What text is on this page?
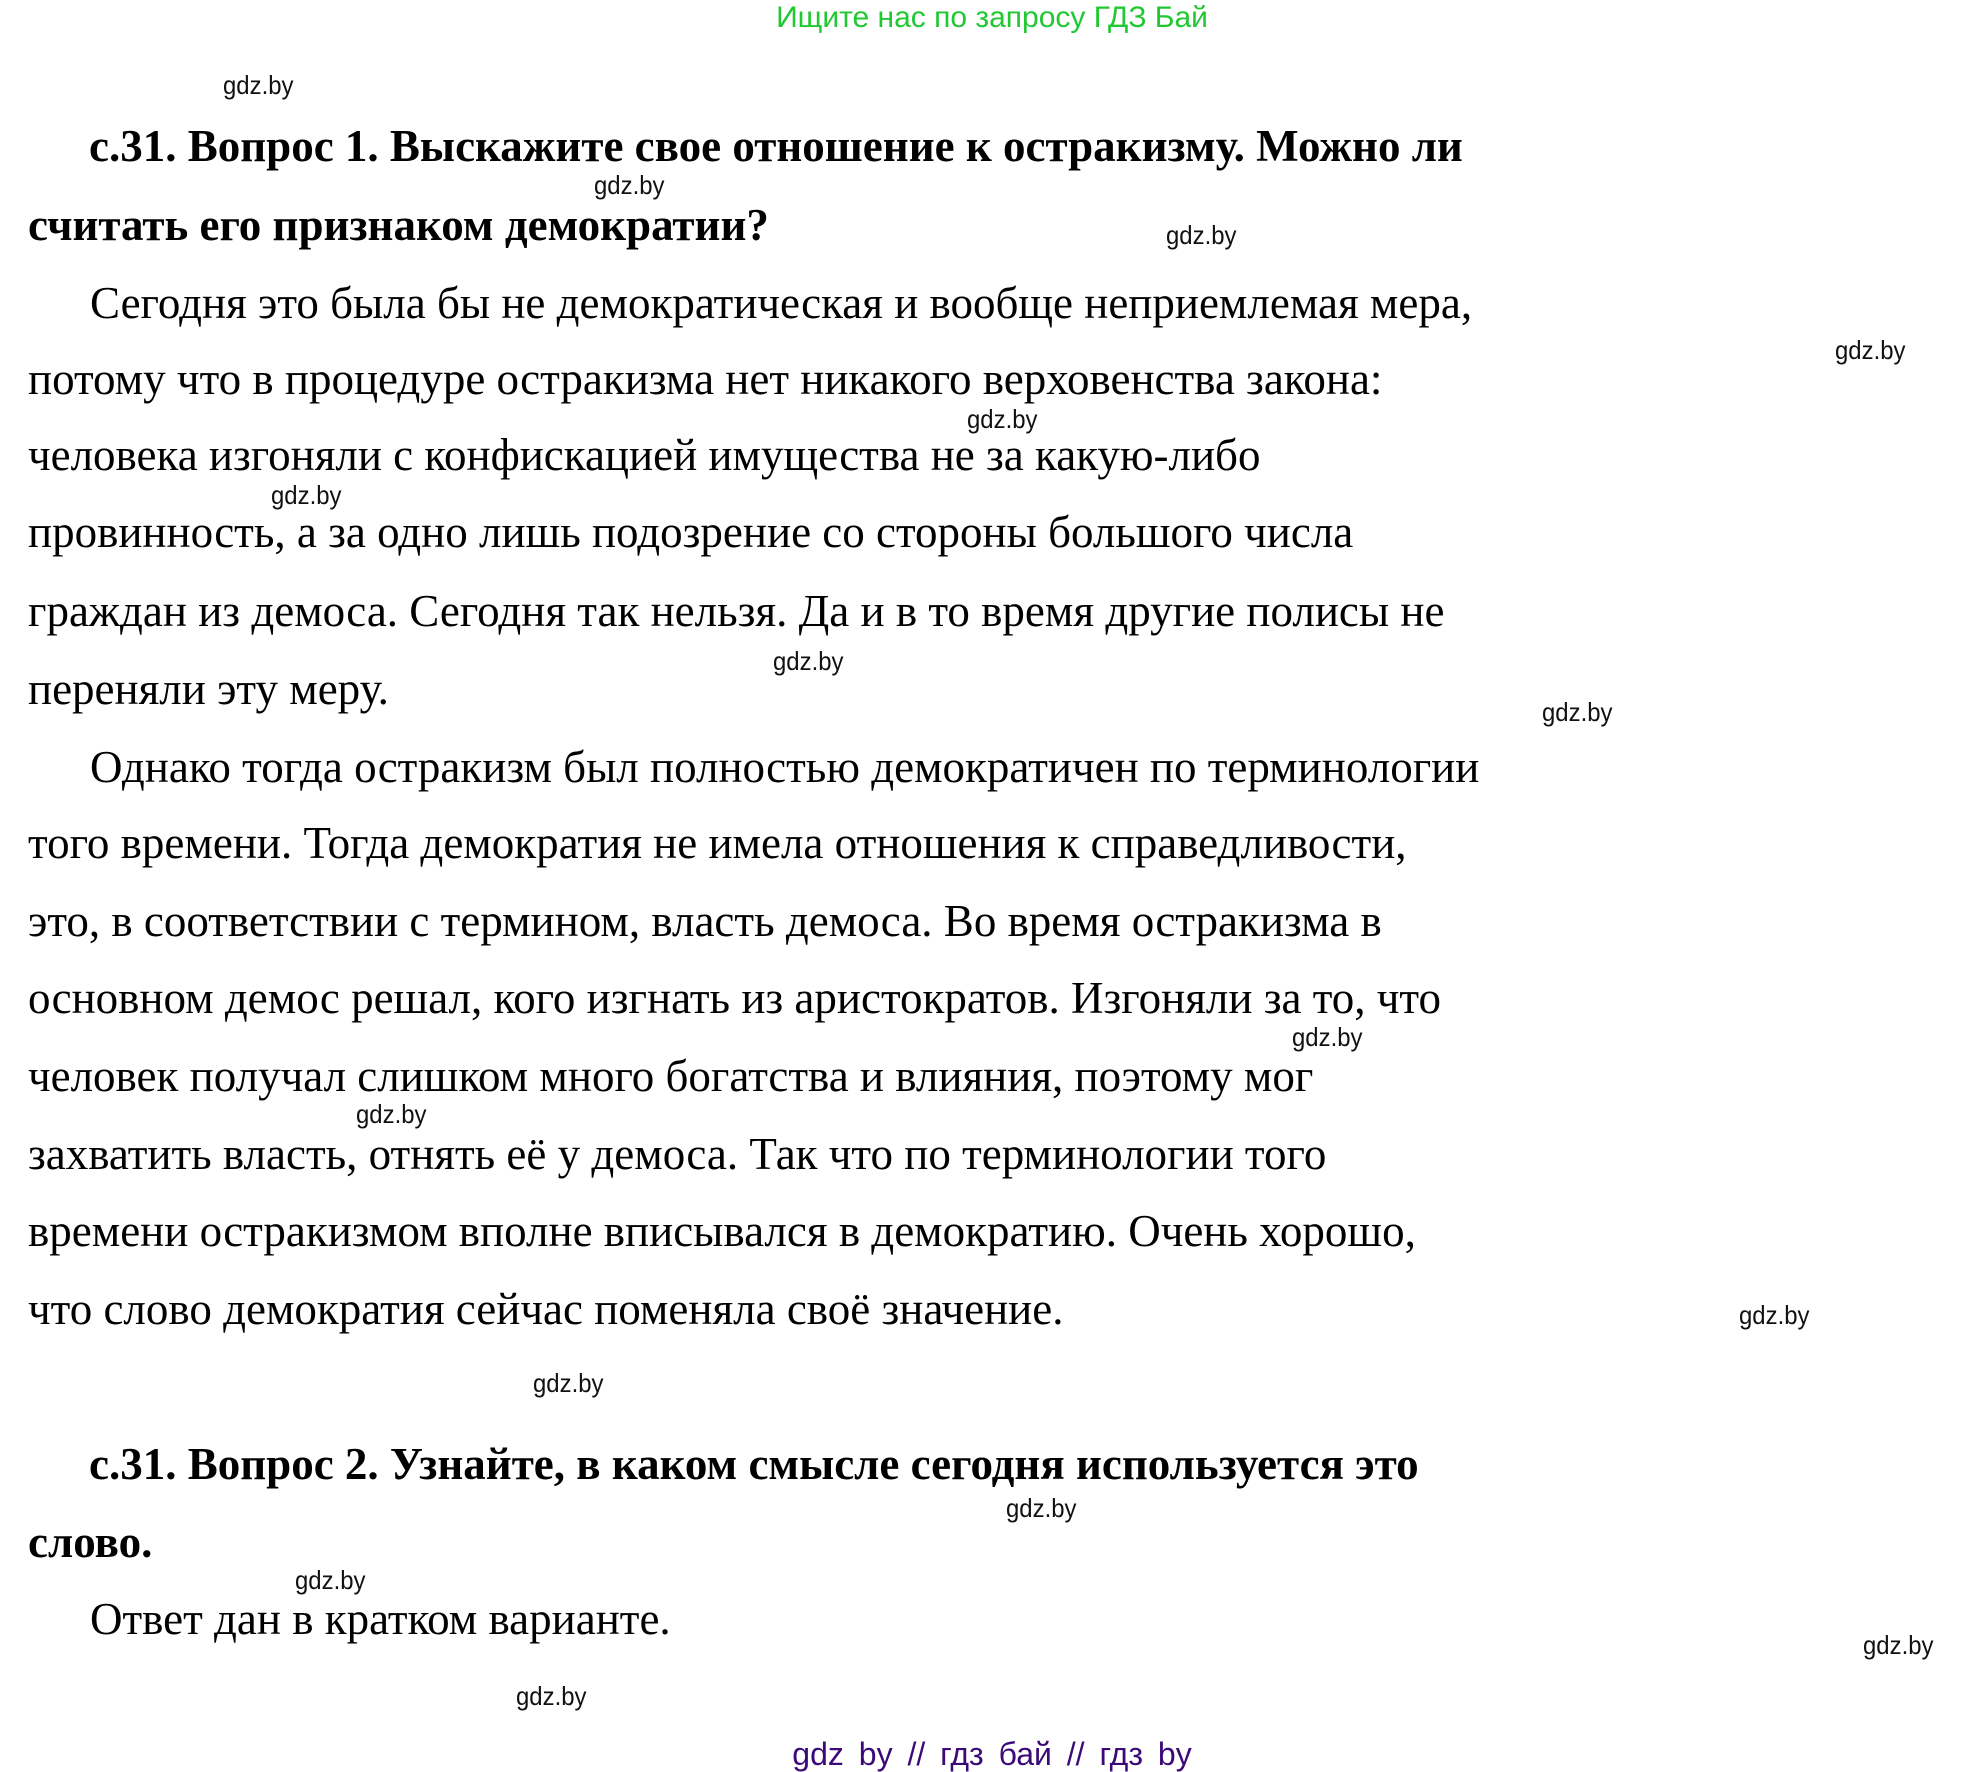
Ищите нас по запросу ГДЗ Бай
с.31. Вопрос 1. Выскажите свое отношение к остракизму. Можно ли
считать его признаком демократии?
Сегодня это была бы не демократическая и вообще неприемлемая мера,
потому что в процедуре остракизма нет никакого верховенства закона:
человека изгоняли с конфискацией имущества не за какую-либо
провинность, а за одно лишь подозрение со стороны большого числа
граждан из демоса. Сегодня так нельзя. Да и в то время другие полисы не
переняли эту меру.
Однако тогда остракизм был полностью демократичен по терминологии
того времени. Тогда демократия не имела отношения к справедливости,
это, в соответствии с термином, власть демоса. Во время остракизма в
основном демос решал, кого изгнать из аристократов. Изгоняли за то, что
человек получал слишком много богатства и влияния, поэтому мог
захватить власть, отнять её у демоса. Так что по терминологии того
времени остракизмом вполне вписывался в демократию. Очень хорошо,
что слово демократия сейчас поменяла своё значение.
с.31. Вопрос 2. Узнайте, в каком смысле сегодня используется это
слово.
Ответ дан в кратком варианте.
gdz.by
gdz.by
gdz.by
gdz.by
gdz.by
gdz.by
gdz.by
gdz.by
gdz.by
gdz.by
gdz.by
gdz.by
gdz.by
gdz.by
gdz.by
gdz.by
gdz by // гдз бай // гдз by
